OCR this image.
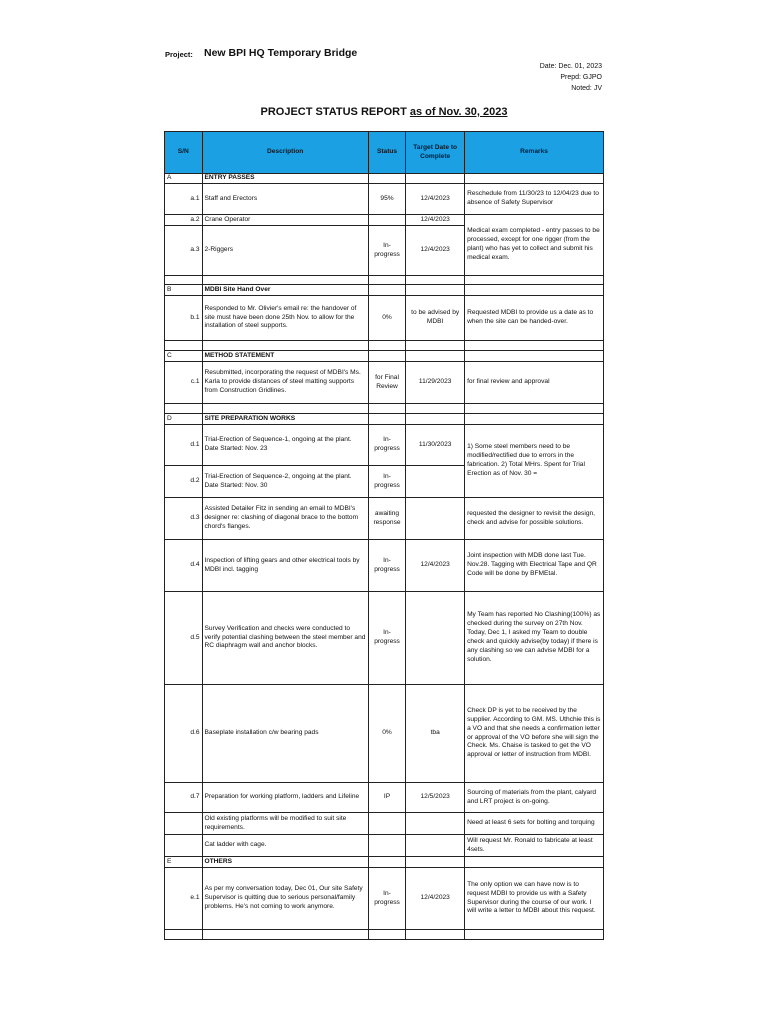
Project: New BPI HQ Temporary Bridge
Date: Dec. 01, 2023
Prepd: GJPO
Noted: JV
PROJECT STATUS REPORT as of Nov. 30, 2023
S/N	Description	Status	Target Date to Complete	Remarks
A	ENTRY PASSES			
a.1	Staff and Erectors	95%	12/4/2023	Reschedule from 11/30/23 to 12/04/23 due to absence of Safety Supervisor
a.2	Crane Operator		12/4/2023	Medical exam completed - entry passes to be processed, except for one rigger (from the plant) who has yet to collect and submit his medical exam.
a.3	2-Riggers	In-progress	12/4/2023	

B	MDBI Site Hand Over			
b.1	Responded to Mr. Olivier's email re: the handover of site must have been done 25th Nov. to allow for the installation of steel supports.	0%	to be advised by MDBI	Requested MDBI to provide us a date as to when the site can be handed-over.

C	METHOD STATEMENT			
c.1	Resubmitted, incorporating the request of MDBI's Ms. Karla to provide distances of steel matting supports from Construction Gridlines.	for Final Review	11/29/2023	for final review and approval

D	SITE PREPARATION WORKS			
d.1	Trial-Erection of Sequence-1, ongoing at the plant. Date Started: Nov. 23	In-progress	11/30/2023	1) Some steel members need to be modified/rectified due to errors in the fabrication. 2) Total MHrs. Spent for Trial Erection as of Nov. 30 =
d.2	Trial-Erection of Sequence-2, ongoing at the plant. Date Started: Nov. 30	In-progress		
d.3	Assisted Detailer Fitz in sending an email to MDBI's designer re: clashing of diagonal brace to the bottom chord's flanges.	awaiting response		requested the designer to revisit the design, check and advise for possible solutions.
d.4	Inspection of lifting gears and other electrical tools by MDBI incl. tagging	In-progress	12/4/2023	Joint inspection with MDB done last Tue. Nov.28. Tagging with Electrical Tape and QR Code will be done by BFMEtal.
d.5	Survey Verification and checks were conducted to verify potential clashing between the steel member and RC diaphragm wall and anchor blocks.	In-progress		My Team has reported No Clashing(100%) as checked during the survey on 27th Nov. Today, Dec 1, I asked my Team to double check and quickly advise(by today) if there is any clashing so we can advise MDBI for a solution.
d.6	Baseplate installation c/w bearing pads	0%	tba	Check DP is yet to be received by the supplier. According to GM. MS. Uthchie this is a VO and that she needs a confirmation letter or approval of the VO before she will sign the Check. Ms. Chaise is tasked to get the VO approval or letter of instruction from MDBI.
d.7	Preparation for working platform, ladders and Lifeline	IP	12/5/2023	Sourcing of materials from the plant, calyard and LRT project is on-going.
	Old existing platforms will be modified to suit site requirements.			Need at least 6 sets for bolting and torquing
	Cat ladder with cage.			Will request Mr. Ronald to fabricate at least 4sets.
E	OTHERS			
e.1	As per my conversation today, Dec 01, Our site Safety Supervisor is quitting due to serious personal/family problems. He's not coming to work anymore.	In-progress	12/4/2023	The only option we can have now is to request MDBI to provide us with a Safety Supervisor during the course of our work. I will write a letter to MDBI about this request.
